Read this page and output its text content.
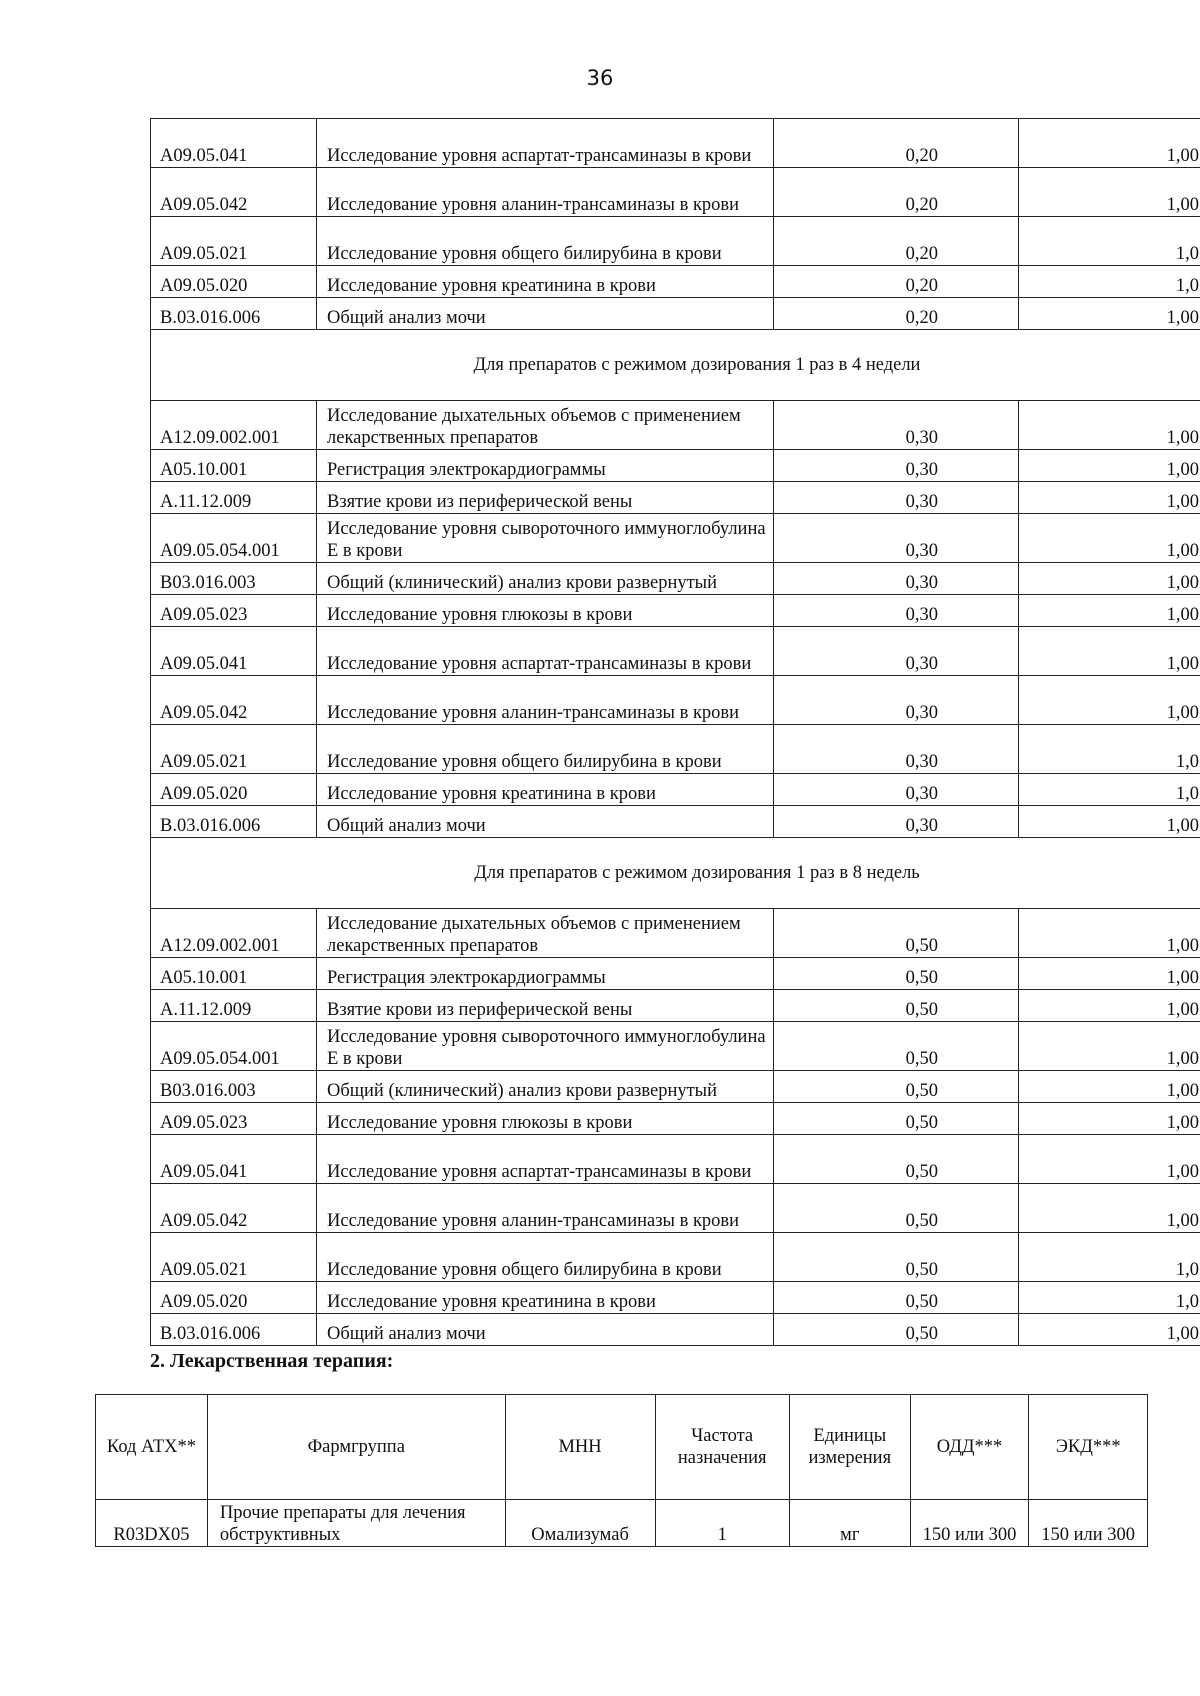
36
A09.05.041	Исследование уровня аспартат-трансаминазы в крови	0,20	1,00
A09.05.042	Исследование уровня аланин-трансаминазы в крови	0,20	1,00
A09.05.021	Исследование уровня общего билирубина в крови	0,20	1,0
A09.05.020	Исследование уровня креатинина в крови	0,20	1,0
B.03.016.006	Общий анализ мочи	0,20	1,00
Для препаратов с режимом дозирования 1 раз в 4 недели			
A12.09.002.001	Исследование дыхательных объемов с применением лекарственных препаратов	0,30	1,00
A05.10.001	Регистрация электрокардиограммы	0,30	1,00
A.11.12.009	Взятие крови из периферической вены	0,30	1,00
A09.05.054.001	Исследование уровня сывороточного иммуноглобулина E в крови	0,30	1,00
B03.016.003	Общий (клинический) анализ крови развернутый	0,30	1,00
A09.05.023	Исследование уровня глюкозы в крови	0,30	1,00
A09.05.041	Исследование уровня аспартат-трансаминазы в крови	0,30	1,00
A09.05.042	Исследование уровня аланин-трансаминазы в крови	0,30	1,00
A09.05.021	Исследование уровня общего билирубина в крови	0,30	1,0
A09.05.020	Исследование уровня креатинина в крови	0,30	1,0
B.03.016.006	Общий анализ мочи	0,30	1,00
Для препаратов с режимом дозирования 1 раз в 8 недель			
A12.09.002.001	Исследование дыхательных объемов с применением лекарственных препаратов	0,50	1,00
A05.10.001	Регистрация электрокардиограммы	0,50	1,00
A.11.12.009	Взятие крови из периферической вены	0,50	1,00
A09.05.054.001	Исследование уровня сывороточного иммуноглобулина E в крови	0,50	1,00
B03.016.003	Общий (клинический) анализ крови развернутый	0,50	1,00
A09.05.023	Исследование уровня глюкозы в крови	0,50	1,00
A09.05.041	Исследование уровня аспартат-трансаминазы в крови	0,50	1,00
A09.05.042	Исследование уровня аланин-трансаминазы в крови	0,50	1,00
A09.05.021	Исследование уровня общего билирубина в крови	0,50	1,0
A09.05.020	Исследование уровня креатинина в крови	0,50	1,0
B.03.016.006	Общий анализ мочи	0,50	1,00
2. Лекарственная терапия:
Код АТХ**	Фармгруппа	МНН	Частота назначения	Единицы измерения	ОДД***	ЭКД***
R03DX05	Прочие препараты для лечения обструктивных	Омализумаб	1	мг	150 или 300	150 или 300
